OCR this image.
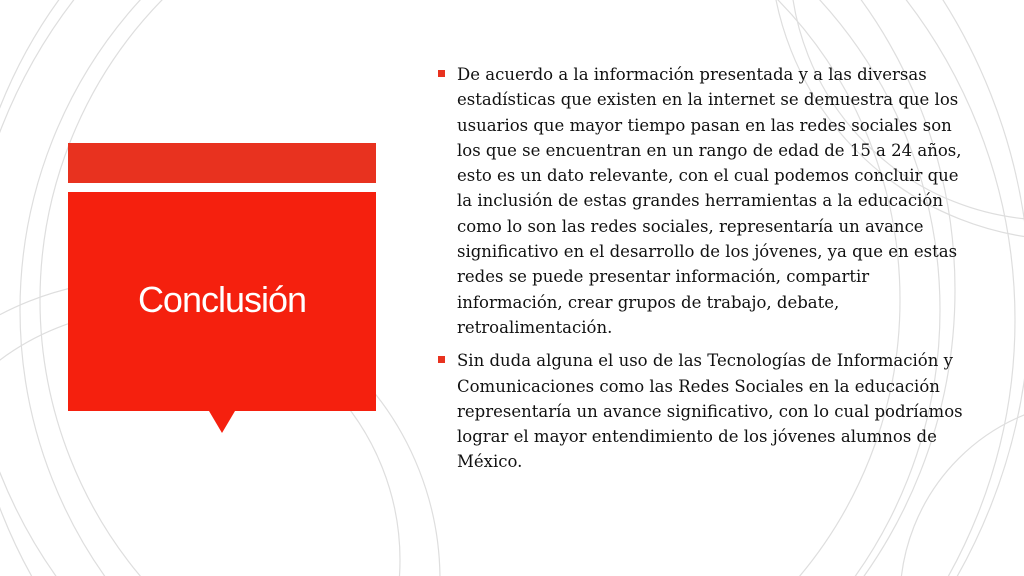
Conclusión
De acuerdo a la información presentada y a las diversas estadísticas que existen en la internet se demuestra que los usuarios que mayor tiempo pasan en las redes sociales son los que se encuentran en un rango de edad de 15 a 24 años, esto es un dato relevante, con el cual podemos concluir que la inclusión de estas grandes herramientas a la educación como lo son las redes sociales, representaría un avance significativo en el desarrollo de los jóvenes, ya que en estas redes se puede presentar información, compartir información, crear grupos de trabajo, debate, retroalimentación.
Sin duda alguna el uso de las Tecnologías de Información y Comunicaciones como las Redes Sociales en la educación representaría un avance significativo, con lo cual podríamos lograr el mayor entendimiento de los jóvenes alumnos de México.
